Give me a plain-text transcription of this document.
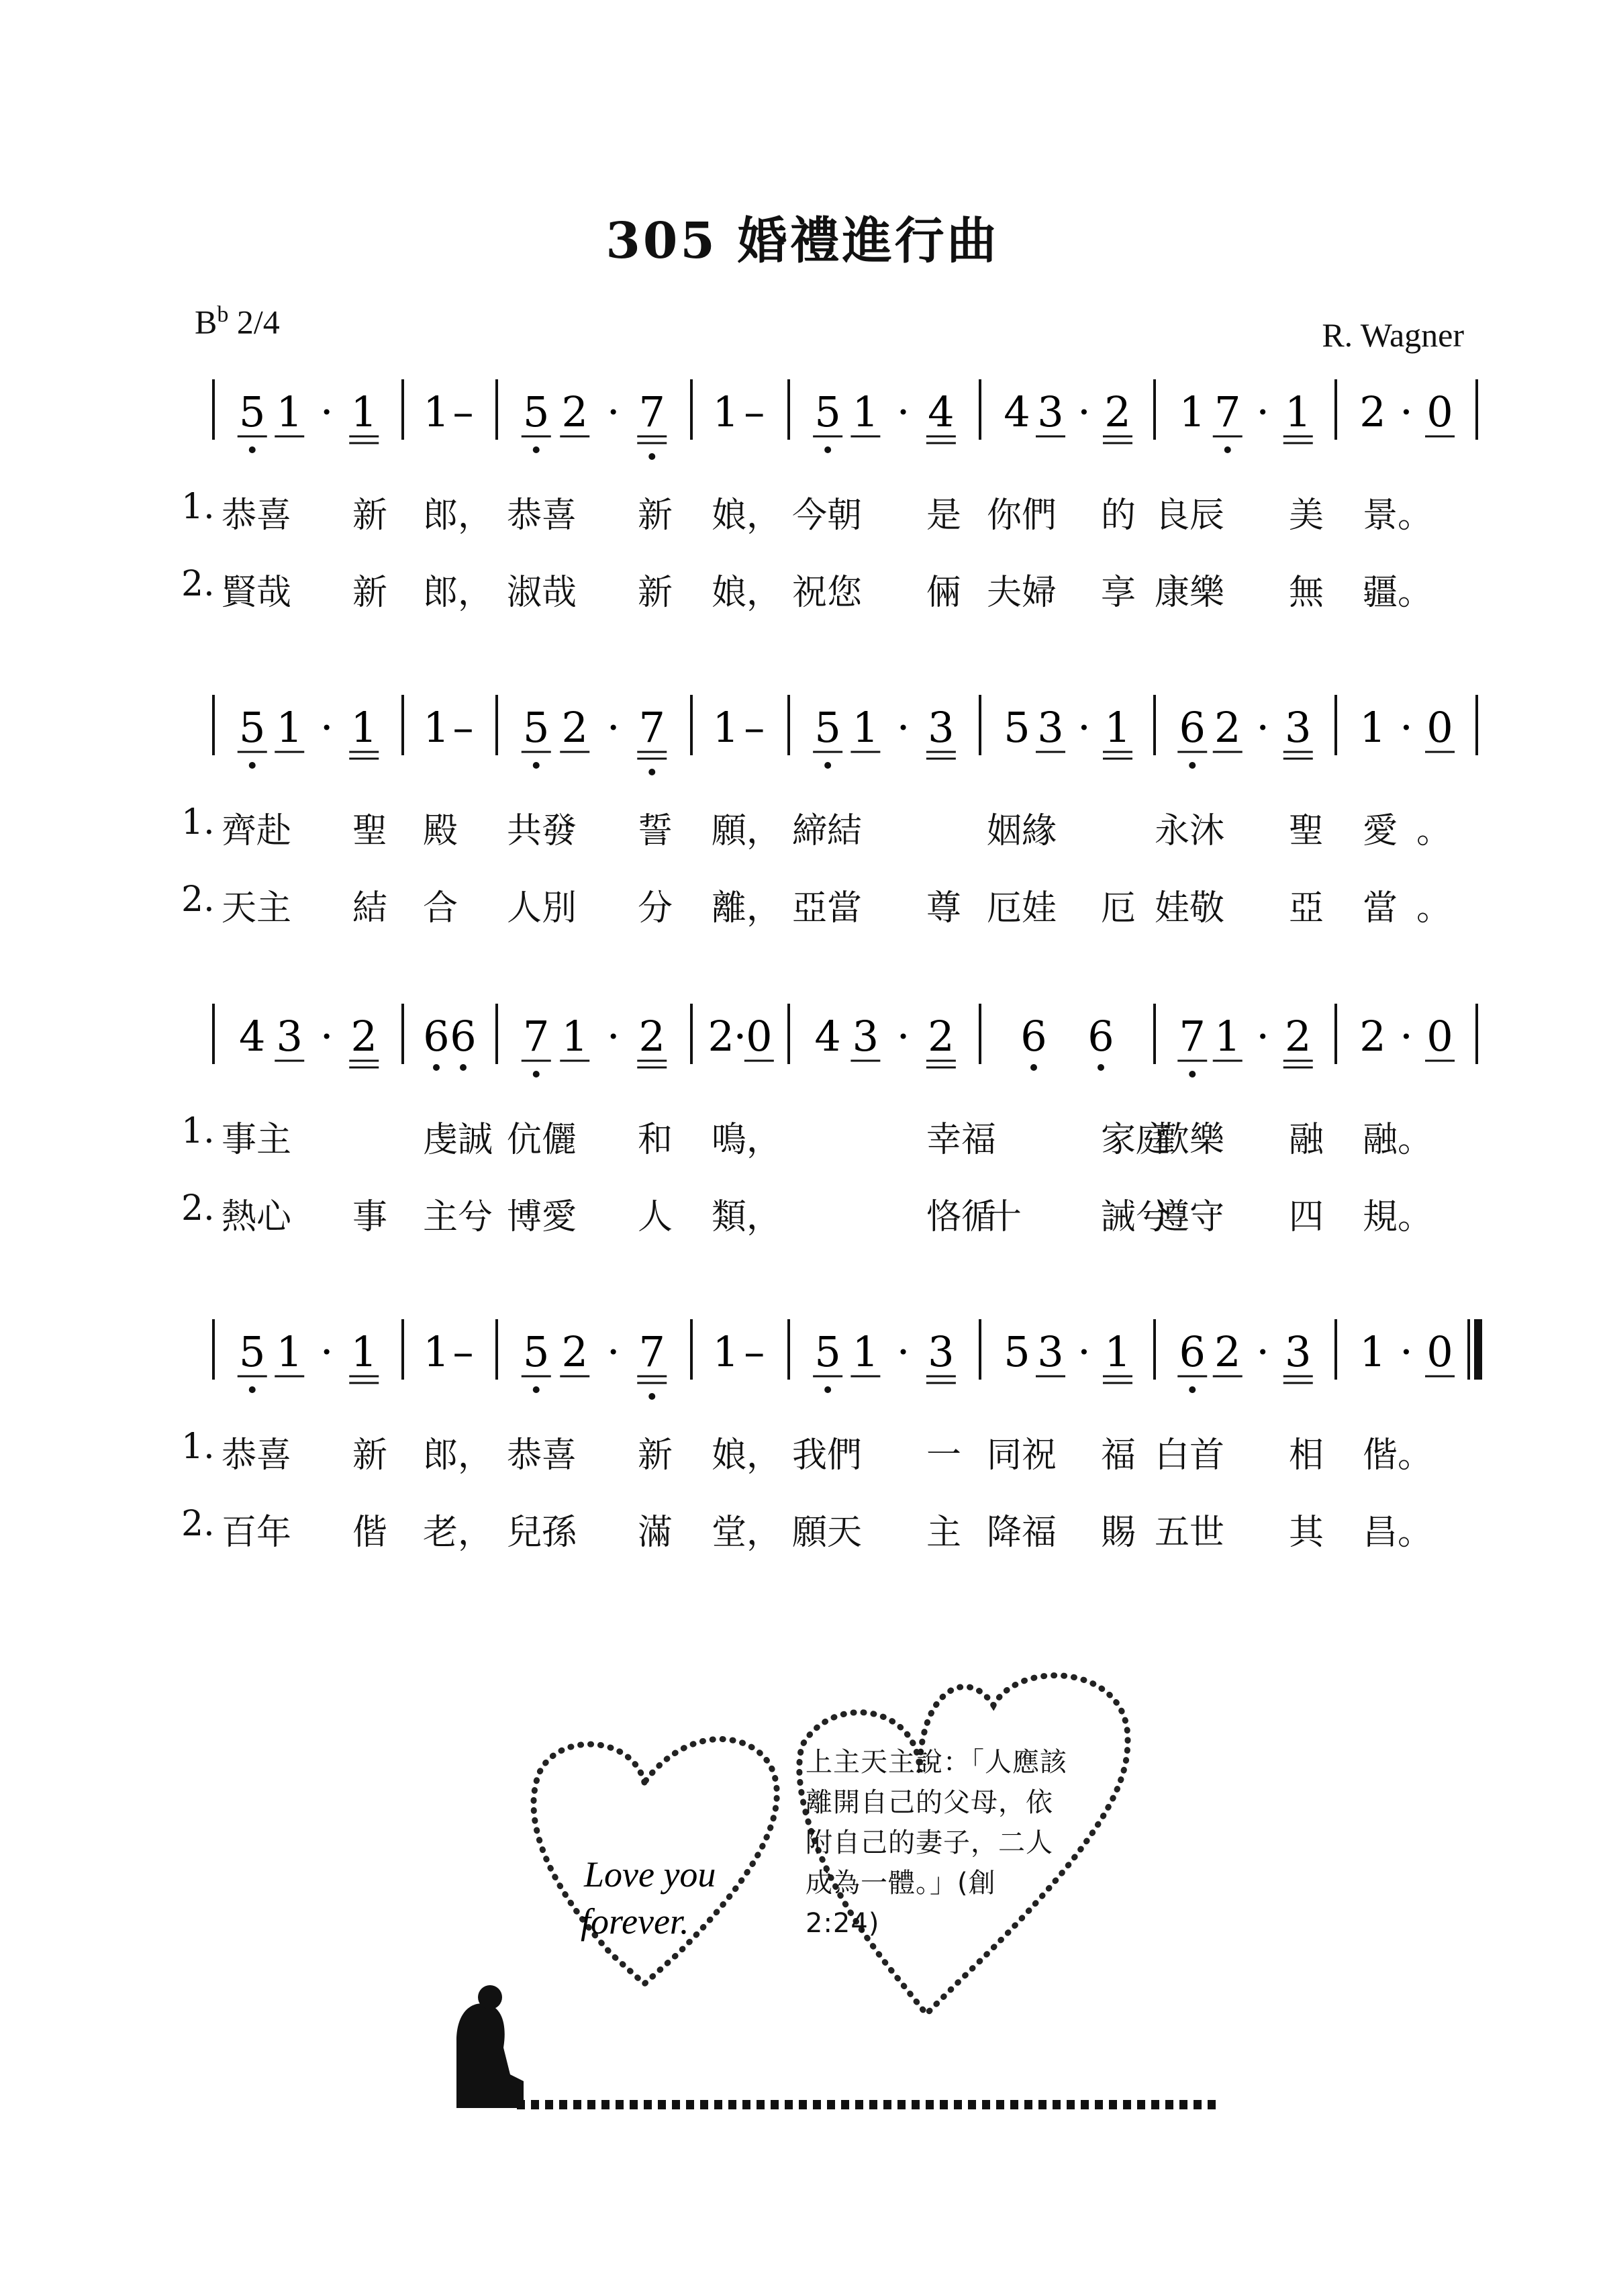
305 婚禮進行曲
$B^b$ 2/4	R. Wagner
5 1 · 1 1 – 5 2 · 7 1 – 5 1 · 4 4 3 · 2 1 7 · 1 2 · 0
1. 恭喜 新 郎， 恭喜 新 娘， 今朝 是 你們 的 良辰 美 景。
2. 賢哉 新 郎， 淑哉 新 娘， 祝您 倆 夫婦 享 康樂 無 疆。
5 1 · 1 1 – 5 2 · 7 1 – 5 1 · 3 5 3 · 1 6 2 · 3 1 · 0
1. 齊赴 聖 殿 共發 誓 願， 締結	姻緣	永沐 聖 愛 。
2. 天主 結 合 人別 分 離， 亞當 尊 厄娃 厄 娃敬 亞 當 。
4 3 · 2 6 6 7 1 · 2 2
·
0 4 3 · 2 6 6 7 1 · 2 2 · 0
1. 事主	虔誠 伉儷 和 鳴，	幸福	家庭
歡樂 融 融。
2. 熱心 事 主兮 博愛 人 類，	恪循
十 誡兮
遵守 四 規。
5 1 · 1 1 – 5 2 · 7 1 – 5 1 · 3 5 3 · 1 6 2 · 3 1 · 0
1. 恭喜 新 郎， 恭喜 新 娘， 我們 一 同祝 福 白首 相 偕。
2. 百年 偕 老， 兒孫 滿 堂， 願天 主 降福 賜 五世 其 昌。
Love you
forever.

上主天主說：「人應該離開自己的父母，依附自己的妻子，二人成為一體。」(創 2:24)
